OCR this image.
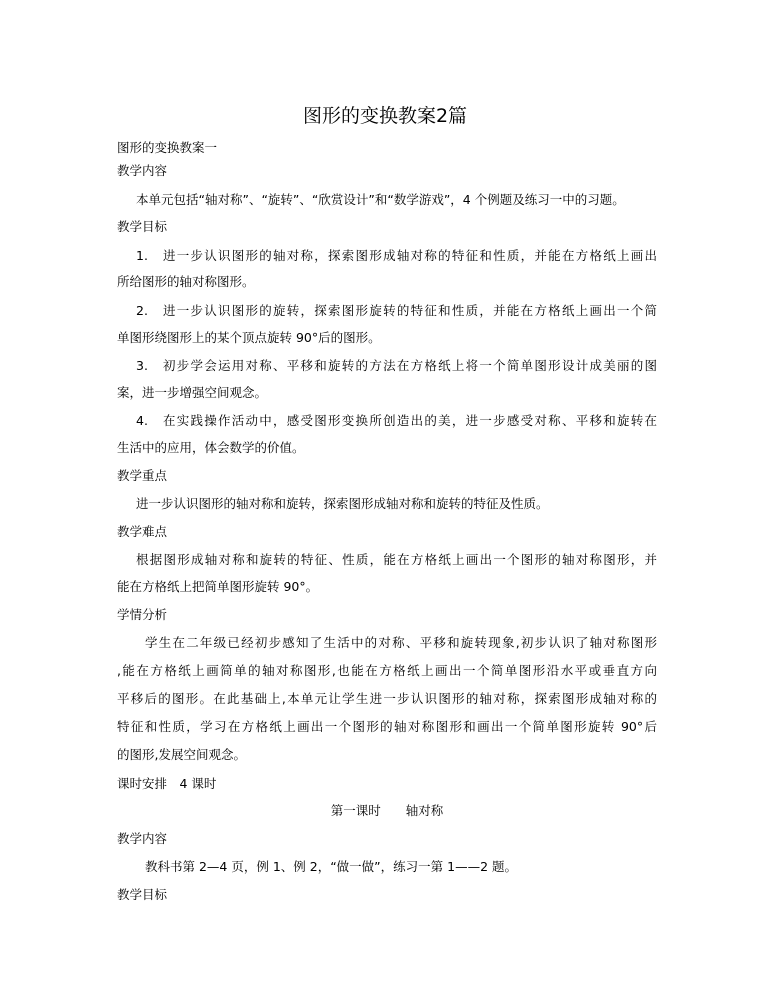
图形的变换教案2篇
图形的变换教案一
教学内容
本单元包括“轴对称”、“旋转”、“欣赏设计”和“数学游戏”，4 个例题及练习一中的习题。
教学目标
1.　进一步认识图形的轴对称，探索图形成轴对称的特征和性质，并能在方格纸上画出
所给图形的轴对称图形。
2.　进一步认识图形的旋转，探索图形旋转的特征和性质，并能在方格纸上画出一个简
单图形绕图形上的某个顶点旋转 90°后的图形。
3.　初步学会运用对称、平移和旋转的方法在方格纸上将一个简单图形设计成美丽的图
案，进一步增强空间观念。
4.　在实践操作活动中，感受图形变换所创造出的美，进一步感受对称、平移和旋转在
生活中的应用，体会数学的价值。
教学重点
进一步认识图形的轴对称和旋转，探索图形成轴对称和旋转的特征及性质。
教学难点
根据图形成轴对称和旋转的特征、性质，能在方格纸上画出一个图形的轴对称图形，并
能在方格纸上把简单图形旋转 90°。
学情分析
学生在二年级已经初步感知了生活中的对称、平移和旋转现象,初步认识了轴对称图形
,能在方格纸上画简单的轴对称图形,也能在方格纸上画出一个简单图形沿水平或垂直方向
平移后的图形。在此基础上,本单元让学生进一步认识图形的轴对称，探索图形成轴对称的
特征和性质，学习在方格纸上画出一个图形的轴对称图形和画出一个简单图形旋转 90°后
的图形,发展空间观念。
课时安排　4 课时
第一课时　　轴对称
教学内容
教科书第 2—4 页，例 1、例 2，“做一做”，练习一第 1——2 题。
教学目标
